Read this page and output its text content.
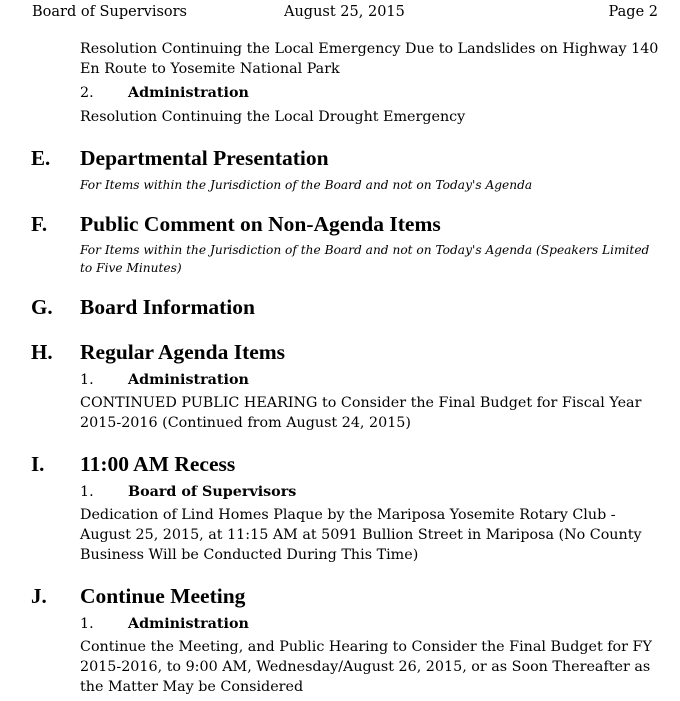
Board of Supervisors	August 25, 2015	Page 2
Resolution Continuing the Local Emergency Due to Landslides on Highway 140 En Route to Yosemite National Park
2. Administration
Resolution Continuing the Local Drought Emergency
E. Departmental Presentation
For Items within the Jurisdiction of the Board and not on Today's Agenda
F. Public Comment on Non-Agenda Items
For Items within the Jurisdiction of the Board and not on Today's Agenda (Speakers Limited to Five Minutes)
G. Board Information
H. Regular Agenda Items
1. Administration
CONTINUED PUBLIC HEARING to Consider the Final Budget for Fiscal Year 2015-2016 (Continued from August 24, 2015)
I. 11:00 AM Recess
1. Board of Supervisors
Dedication of Lind Homes Plaque by the Mariposa Yosemite Rotary Club - August 25, 2015, at 11:15 AM at 5091 Bullion Street in Mariposa (No County Business Will be Conducted During This Time)
J. Continue Meeting
1. Administration
Continue the Meeting, and Public Hearing to Consider the Final Budget for FY 2015-2016, to 9:00 AM, Wednesday/August 26, 2015, or as Soon Thereafter as the Matter May be Considered
